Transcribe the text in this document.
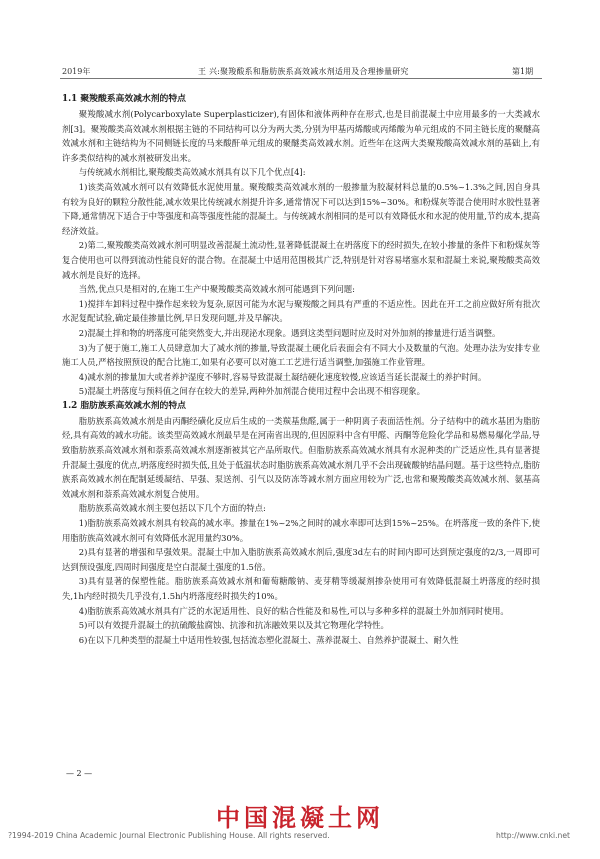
2019年	王 兴:聚羧酸系和脂肪族系高效减水剂适用及合理掺量研究	第1期
1.1 聚羧酸系高效减水剂的特点

聚羧酸减水剂(Polycarboxylate Superplasticizer),有固体和液体两种存在形式,也是目前混凝土中应用最多的一大类减水剂[3]。聚羧酸类高效减水剂根据主链的不同结构可以分为两大类,分别为甲基丙烯酸或丙烯酸为单元组成的不同主链长度的聚醚高效减水剂和主链结构为不同侧链长度的马来酸酐单元组成的聚醚类高效减水剂。近些年在这两大类聚羧酸高效减水剂的基础上,有许多类似结构的减水剂被研发出来。

与传统减水剂相比,聚羧酸类高效减水剂具有以下几个优点[4]:

1)该类高效减水剂可以有效降低水泥使用量。聚羧酸类高效减水剂的一般掺量为胶凝材料总量的0.5%~1.3%之间,因自身具有较为良好的颗粒分散性能,减水效果比传统减水剂提升许多,通常情况下可以达到15%~30%。和粉煤灰等混合使用时水胶性显著下降,通常情况下适合于中等强度和高等强度性能的混凝土。与传统减水剂相同的是可以有效降低水和水泥的使用量,节约成本,提高经济效益。

2)第二,聚羧酸类高效减水剂可明显改善混凝土流动性,显著降低混凝土在坍落度下的经时损失,在较小掺量的条件下和粉煤灰等复合使用也可以得到流动性能良好的混合物。在混凝土中适用范围极其广泛,特别是针对容易堵塞水泵和混凝土来说,聚羧酸类高效减水剂是良好的选择。

当然,优点只是相对的,在施工生产中聚羧酸类高效减水剂可能遇到下列问题:

1)搅拌车卸料过程中操作起来较为复杂,原因可能为水泥与聚羧酸之间具有严重的不适应性。因此在开工之前应做好所有批次水泥复配试验,确定最佳掺量比例,早日发现问题,并及早解决。

2)混凝土拌和物的坍落度可能突然变大,并出现泌水现象。遇到这类型问题时应及时对外加剂的掺量进行适当调整。

3)为了便于施工,施工人员肆意加大了减水剂的掺量,导致混凝土硬化后表面会有不同大小及数量的气泡。处理办法为安排专业施工人员,严格按照预设的配合比施工,如果有必要可以对施工工艺进行适当调整,加强施工作业管理。

4)减水剂的掺量加大或者养护湿度不够时,容易导致混凝土凝结硬化速度较慢,应该适当延长混凝土的养护时间。

5)混凝土坍落度与预料值之间存在较大的差异,两种外加剂混合使用过程中会出现不相容现象。

1.2 脂肪族系高效减水剂的特点

脂肪族系高效减水剂是由丙酮经磺化反应后生成的一类羰基焦醛,属于一种阴离子表面活性剂。分子结构中的疏水基团为脂肪烃,具有高效的减水功能。该类型高效减水剂最早是在河南省出现的,但因原料中含有甲醛、丙酮等危险化学品和易燃易爆化学品,导致脂肪族系高效减水剂和萘系高效减水剂逐渐被其它产品所取代。但脂肪族系高效减水剂具有水泥种类的广泛适应性,具有显著提升混凝土强度的优点,坍落度经时损失低,且处于低温状态时脂肪族系高效减水剂几乎不会出现硫酸钠结晶问题。基于这些特点,脂肪族系高效减水剂在配制延缓凝结、早强、泵送剂、引气以及防冻等减水剂方面应用较为广泛,也常和聚羧酸类高效减水剂、氨基高效减水剂和萘系高效减水剂复合使用。

脂肪族系高效减水剂主要包括以下几个方面的特点:

1)脂肪族系高效减水剂具有较高的减水率。掺量在1%~2%之间时的减水率即可达到15%~25%。在坍落度一致的条件下,使用脂肪族高效减水剂可有效降低水泥用量约30%。

2)具有显著的增强和早强效果。混凝土中加入脂肪族系高效减水剂后,强度3d左右的时间内即可达到预定强度的2/3,一周即可达到预设强度,四周时间强度是空白混凝土强度的1.5倍。

3)具有显著的保塑性能。脂肪族系高效减水剂和葡萄糖酸钠、麦芽精等缓凝剂掺杂使用可有效降低混凝土坍落度的经时损失,1h内经时损失几乎没有,1.5h内坍落度经时损失约10%。

4)脂肪族系高效减水剂具有广泛的水泥适用性、良好的粘合性能及和易性,可以与多种多样的混凝土外加剂同时使用。

5)可以有效提升混凝土的抗硫酸盐腐蚀、抗渗和抗冻融效果以及其它物理化学特性。

6)在以下几种类型的混凝土中适用性较强,包括流态塑化混凝土、蒸养混凝土、自然养护混凝土、耐久性

— 2 —
中国混凝土网
?1994-2019 China Academic Journal Electronic Publishing House. All rights reserved.	http://www.cnki.net
